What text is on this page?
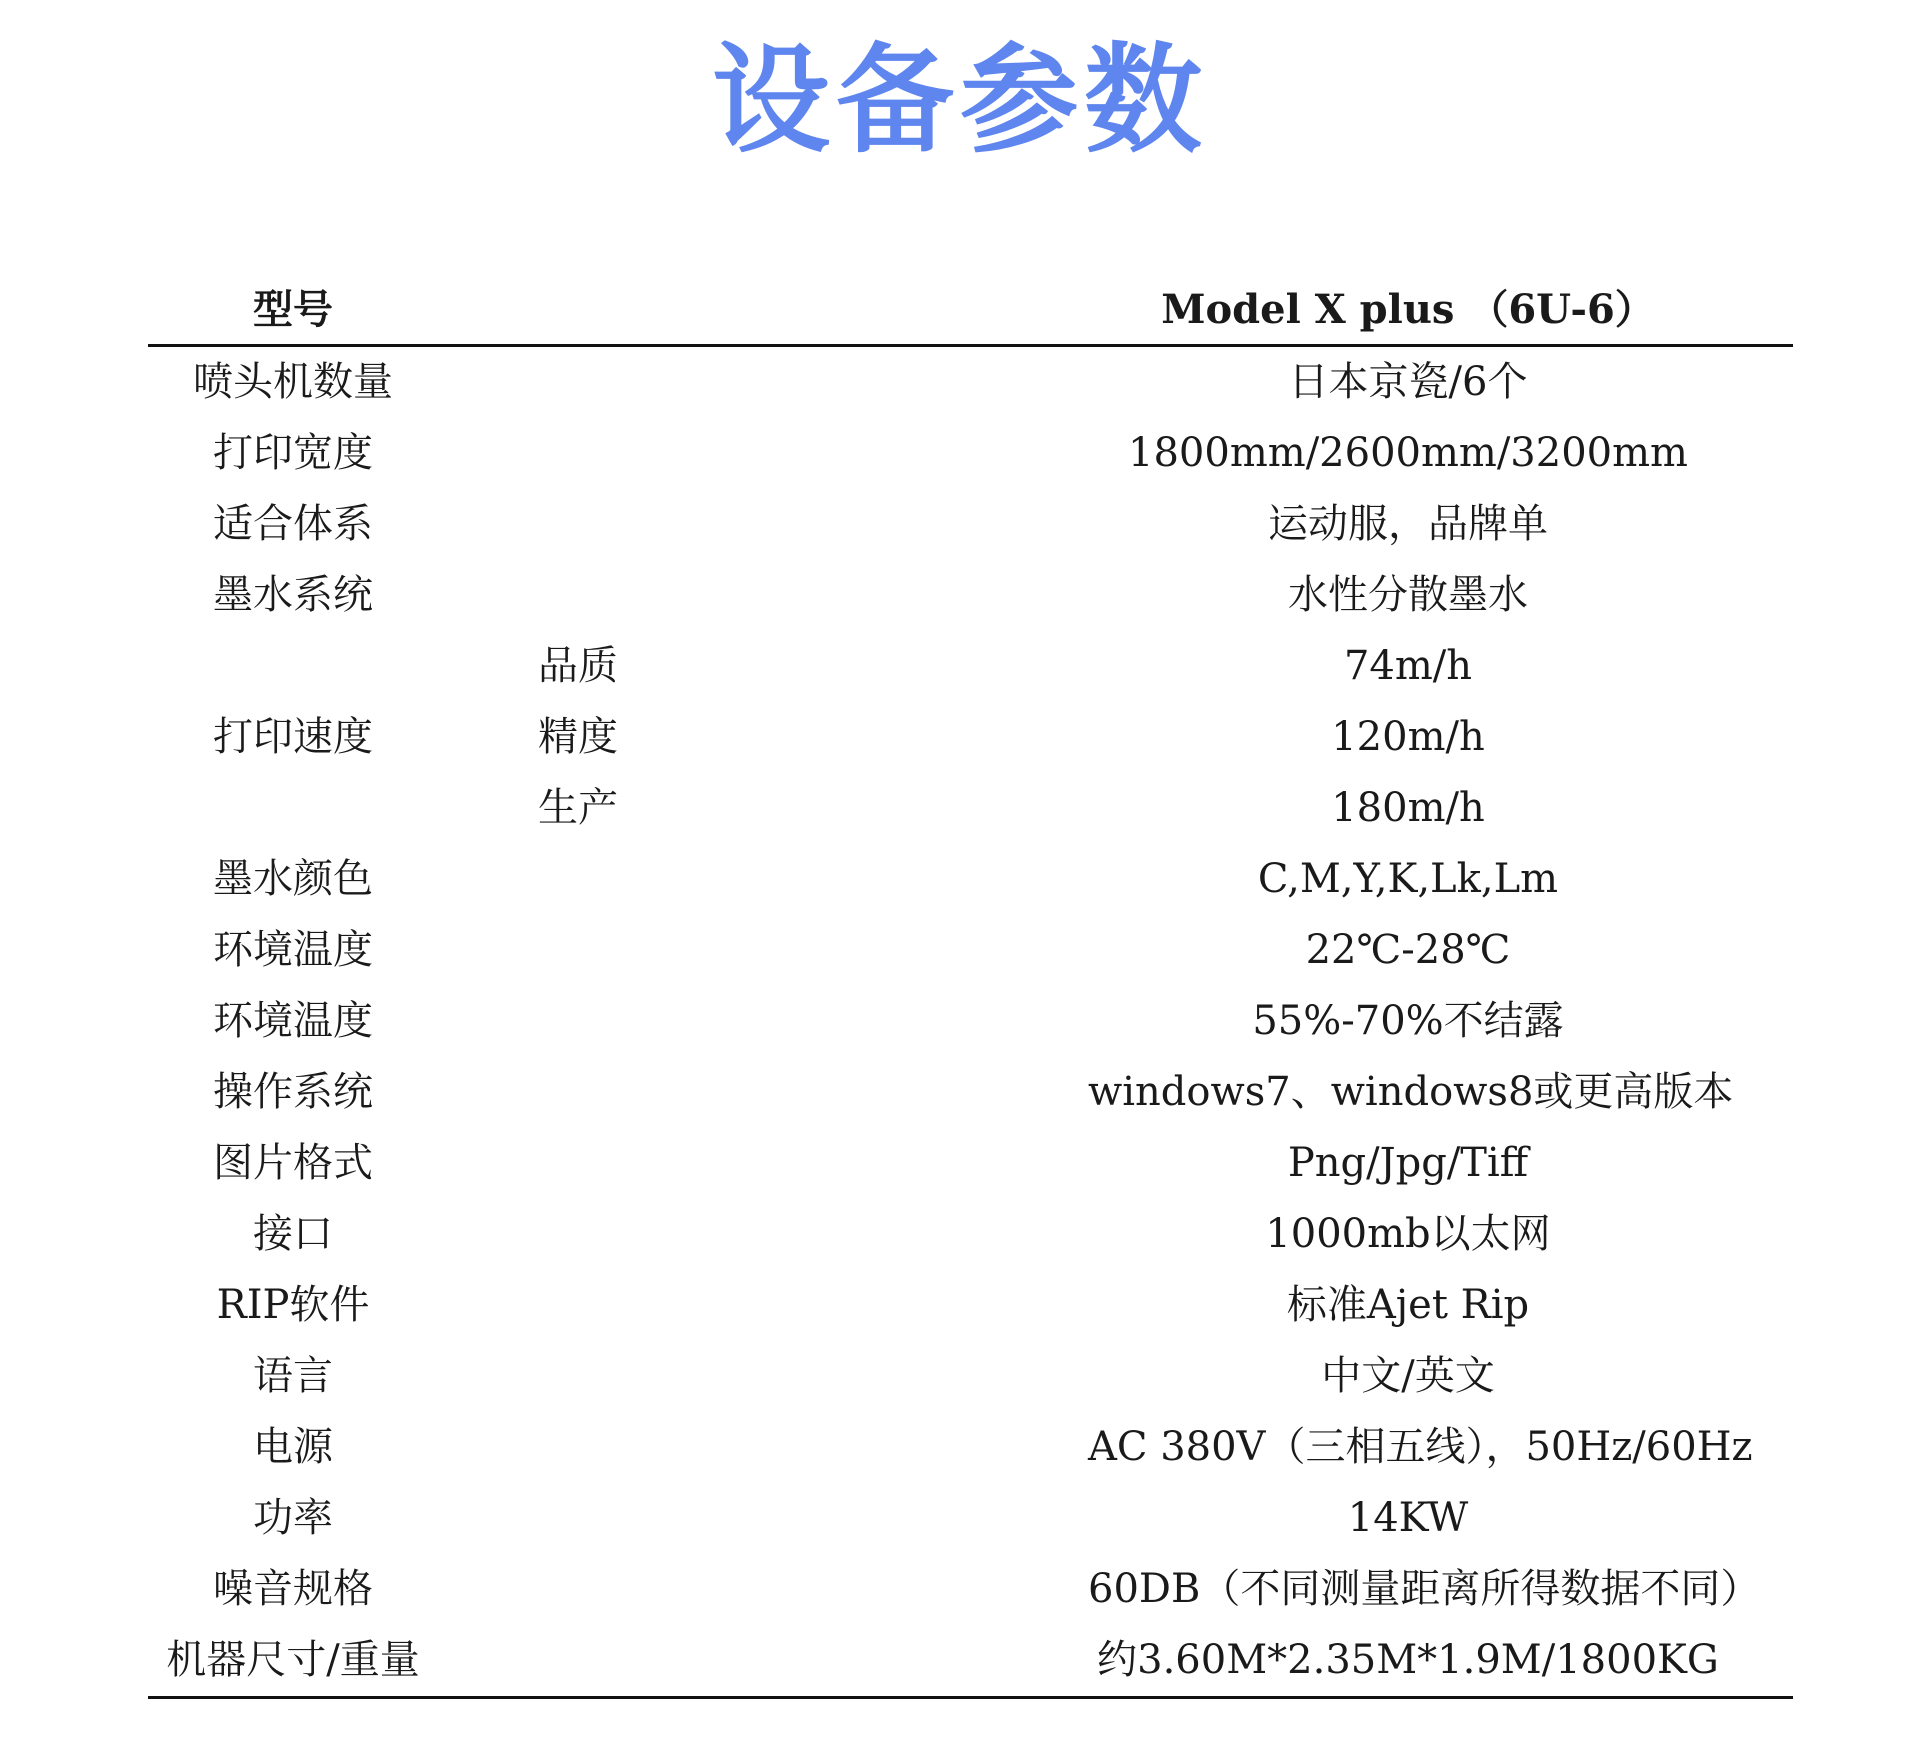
设备参数
型号	Model X plus （6U-6）
喷头机数量	日本京瓷/6个
打印宽度	1800mm/2600mm/3200mm
适合体系	运动服，品牌单
墨水系统	水性分散墨水
打印速度
品质	74m/h
精度	120m/h
生产	180m/h
墨水颜色	C,M,Y,K,Lk,Lm
环境温度	22℃-28℃
环境温度	55%-70%不结露
操作系统	windows7、windows8或更高版本
图片格式	Png/Jpg/Tiff
接口	1000mb以太网
RIP软件	标准Ajet Rip
语言	中文/英文
电源	AC 380V（三相五线），50Hz/60Hz
功率	14KW
噪音规格	60DB（不同测量距离所得数据不同）
机器尺寸/重量	约3.60M*2.35M*1.9M/1800KG
